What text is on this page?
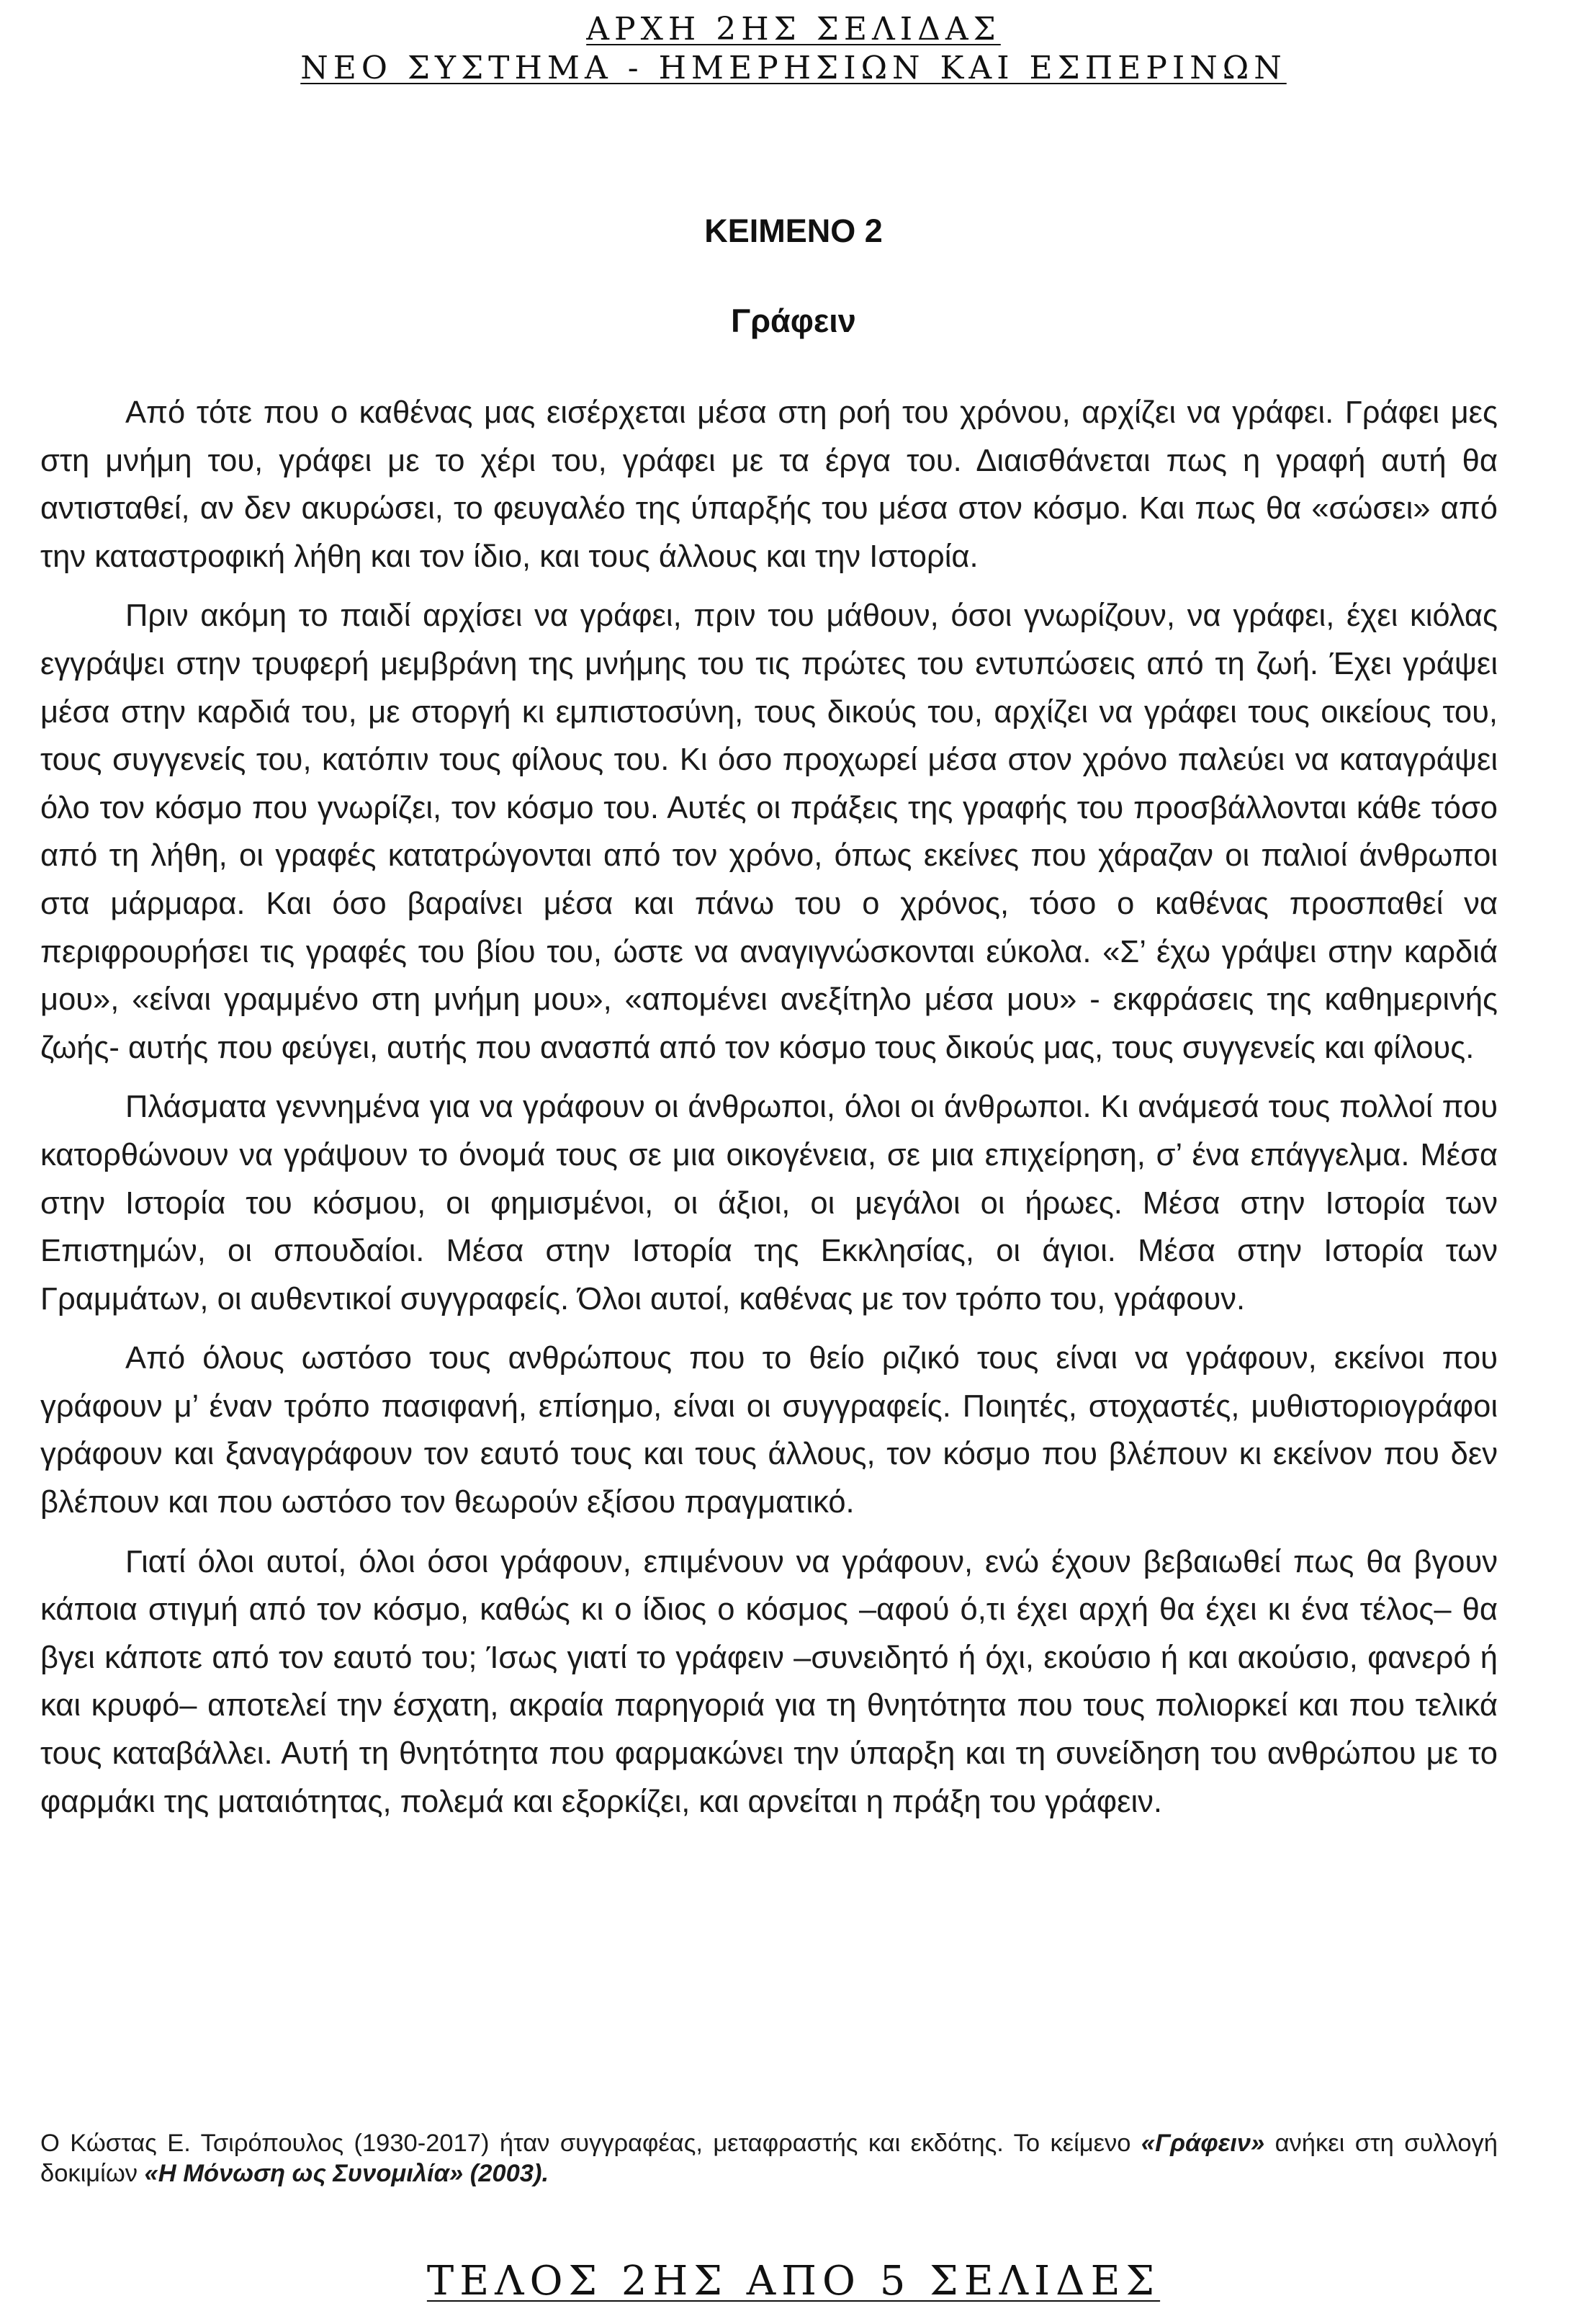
ΑΡΧΗ 2ΗΣ ΣΕΛΙΔΑΣ
ΝΕΟ ΣΥΣΤΗΜΑ - ΗΜΕΡΗΣΙΩΝ ΚΑΙ ΕΣΠΕΡΙΝΩΝ
ΚΕΙΜΕΝΟ 2
Γράφειν

Από τότε που ο καθένας μας εισέρχεται μέσα στη ροή του χρόνου, αρχίζει να γράφει. Γράφει μες στη μνήμη του, γράφει με το χέρι του, γράφει με τα έργα του. Διαισθάνεται πως η γραφή αυτή θα αντισταθεί, αν δεν ακυρώσει, το φευγαλέο της ύπαρξής του μέσα στον κόσμο. Και πως θα «σώσει» από την καταστροφική λήθη και τον ίδιο, και τους άλλους και την Ιστορία.

Πριν ακόμη το παιδί αρχίσει να γράφει, πριν του μάθουν, όσοι γνωρίζουν, να γράφει, έχει κιόλας εγγράψει στην τρυφερή μεμβράνη της μνήμης του τις πρώτες του εντυπώσεις από τη ζωή. Έχει γράψει μέσα στην καρδιά του, με στοργή κι εμπιστοσύνη, τους δικούς του, αρχίζει να γράφει τους οικείους του, τους συγγενείς του, κατόπιν τους φίλους του. Κι όσο προχωρεί μέσα στον χρόνο παλεύει να καταγράψει όλο τον κόσμο που γνωρίζει, τον κόσμο του. Αυτές οι πράξεις της γραφής του προσβάλλονται κάθε τόσο από τη λήθη, οι γραφές κατατρώγονται από τον χρόνο, όπως εκείνες που χάραζαν οι παλιοί άνθρωποι στα μάρμαρα. Και όσο βαραίνει μέσα και πάνω του ο χρόνος, τόσο ο καθένας προσπαθεί να περιφρουρήσει τις γραφές του βίου του, ώστε να αναγιγνώσκονται εύκολα. «Σ’ έχω γράψει στην καρδιά μου», «είναι γραμμένο στη μνήμη μου», «απομένει ανεξίτηλο μέσα μου» - εκφράσεις της καθημερινής ζωής- αυτής που φεύγει, αυτής που ανασπά από τον κόσμο τους δικούς μας, τους συγγενείς και φίλους.

Πλάσματα γεννημένα για να γράφουν οι άνθρωποι, όλοι οι άνθρωποι. Κι ανάμεσά τους πολλοί που κατορθώνουν να γράψουν το όνομά τους σε μια οικογένεια, σε μια επιχείρηση, σ’ ένα επάγγελμα. Μέσα στην Ιστορία του κόσμου, οι φημισμένοι, οι άξιοι, οι μεγάλοι οι ήρωες. Μέσα στην Ιστορία των Επιστημών, οι σπουδαίοι. Μέσα στην Ιστορία της Εκκλησίας, οι άγιοι. Μέσα στην Ιστορία των Γραμμάτων, οι αυθεντικοί συγγραφείς. Όλοι αυτοί, καθένας με τον τρόπο του, γράφουν.

Από όλους ωστόσο τους ανθρώπους που το θείο ριζικό τους είναι να γράφουν, εκείνοι που γράφουν μ’ έναν τρόπο πασιφανή, επίσημο, είναι οι συγγραφείς. Ποιητές, στοχαστές, μυθιστοριογράφοι γράφουν και ξαναγράφουν τον εαυτό τους και τους άλλους, τον κόσμο που βλέπουν κι εκείνον που δεν βλέπουν και που ωστόσο τον θεωρούν εξίσου πραγματικό.

Γιατί όλοι αυτοί, όλοι όσοι γράφουν, επιμένουν να γράφουν, ενώ έχουν βεβαιωθεί πως θα βγουν κάποια στιγμή από τον κόσμο, καθώς κι ο ίδιος ο κόσμος –αφού ό,τι έχει αρχή θα έχει κι ένα τέλος– θα βγει κάποτε από τον εαυτό του; Ίσως γιατί το γράφειν –συνειδητό ή όχι, εκούσιο ή και ακούσιο, φανερό ή και κρυφό– αποτελεί την έσχατη, ακραία παρηγοριά για τη θνητότητα που τους πολιορκεί και που τελικά τους καταβάλλει. Αυτή τη θνητότητα που φαρμακώνει την ύπαρξη και τη συνείδηση του ανθρώπου με το φαρμάκι της ματαιότητας, πολεμά και εξορκίζει, και αρνείται η πράξη του γράφειν.

Ο Κώστας Ε. Τσιρόπουλος (1930-2017) ήταν συγγραφέας, μεταφραστής και εκδότης. Το κείμενο «Γράφειν» ανήκει στη συλλογή δοκιμίων «Η Μόνωση ως Συνομιλία» (2003).
ΤΕΛΟΣ 2ΗΣ ΑΠΟ 5 ΣΕΛΙΔΕΣ
